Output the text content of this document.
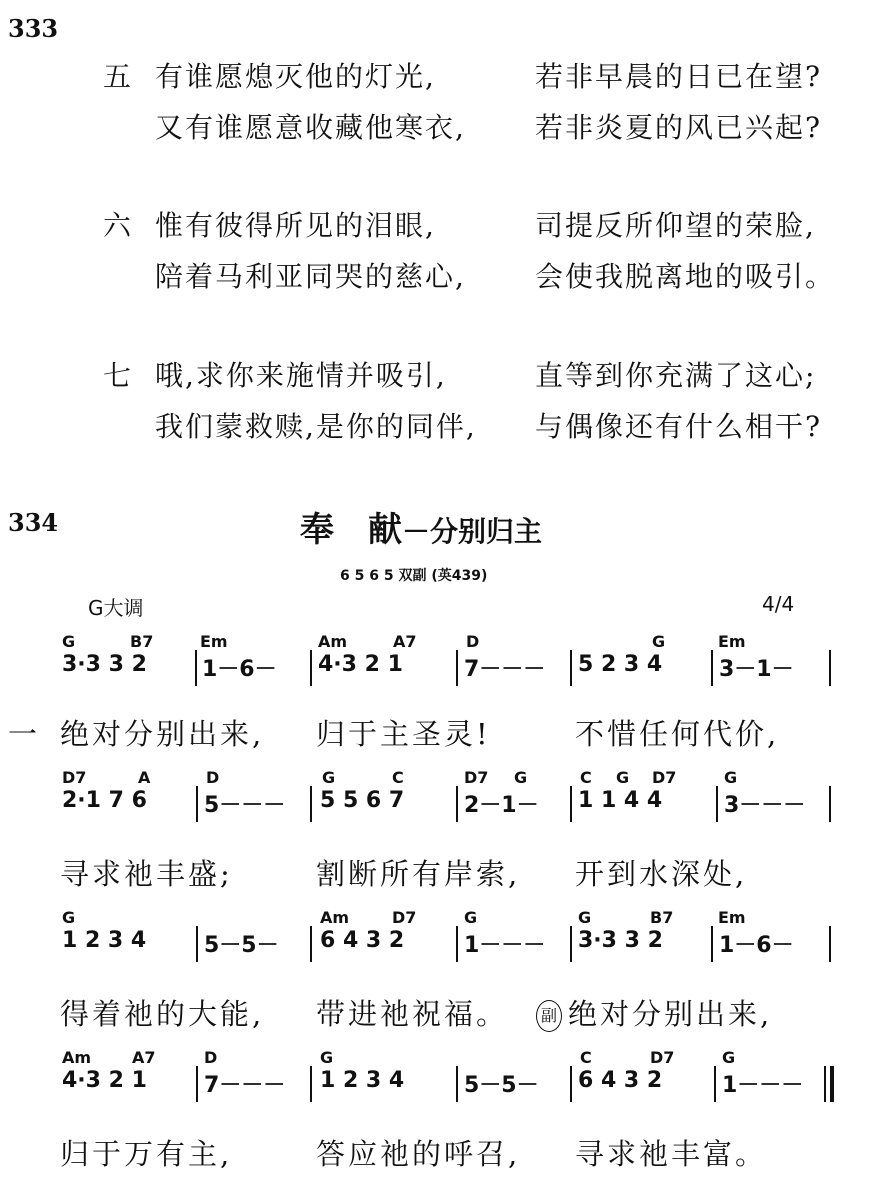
333
五 有谁愿熄灭他的灯光,	若非早晨的日已在望?
又有谁愿意收藏他寒衣, 若非炎夏的风已兴起?
六 惟有彼得所见的泪眼,	司提反所仰望的荣脸,
陪着马利亚同哭的慈心, 会使我脱离地的吸引。
七 哦,求你来施情并吸引,	直等到你充满了这心;
我们蒙救赎,是你的同伴, 与偶像还有什么相干?
334	奉　献－分别归主
6 5 6 5 双副 (英439)
G大调	4/4
G	B7	Em	Am	A7	D	G	Em
3·3 3 2	1－6－ 4·3 2 1	7－－－ 5 2 3 4	3－1－
一 绝对分别出来, 归于主圣灵!	不惜任何代价,
D7	A	D	G	C	D7 G	C G D7	G
2·1 7 6	5－－－ 5 5 6 7	2－1－ 1 1 4 4	3－－－
寻求祂丰盛;	割断所有岸索, 开到水深处,
G	Am	D7	G	G	B7	Em
1 2 3 4	5－5－ 6 4 3 2	1－－－ 3·3 3 2	1－6－
得着祂的大能, 带进祂祝福。	副 绝对分别出来,
Am	A7	D	G	C	D7	G
4·3 2 1	7－－－ 1 2 3 4	5－5－ 6 4 3 2	1－－－
归于万有主,	答应祂的呼召, 寻求祂丰富。
